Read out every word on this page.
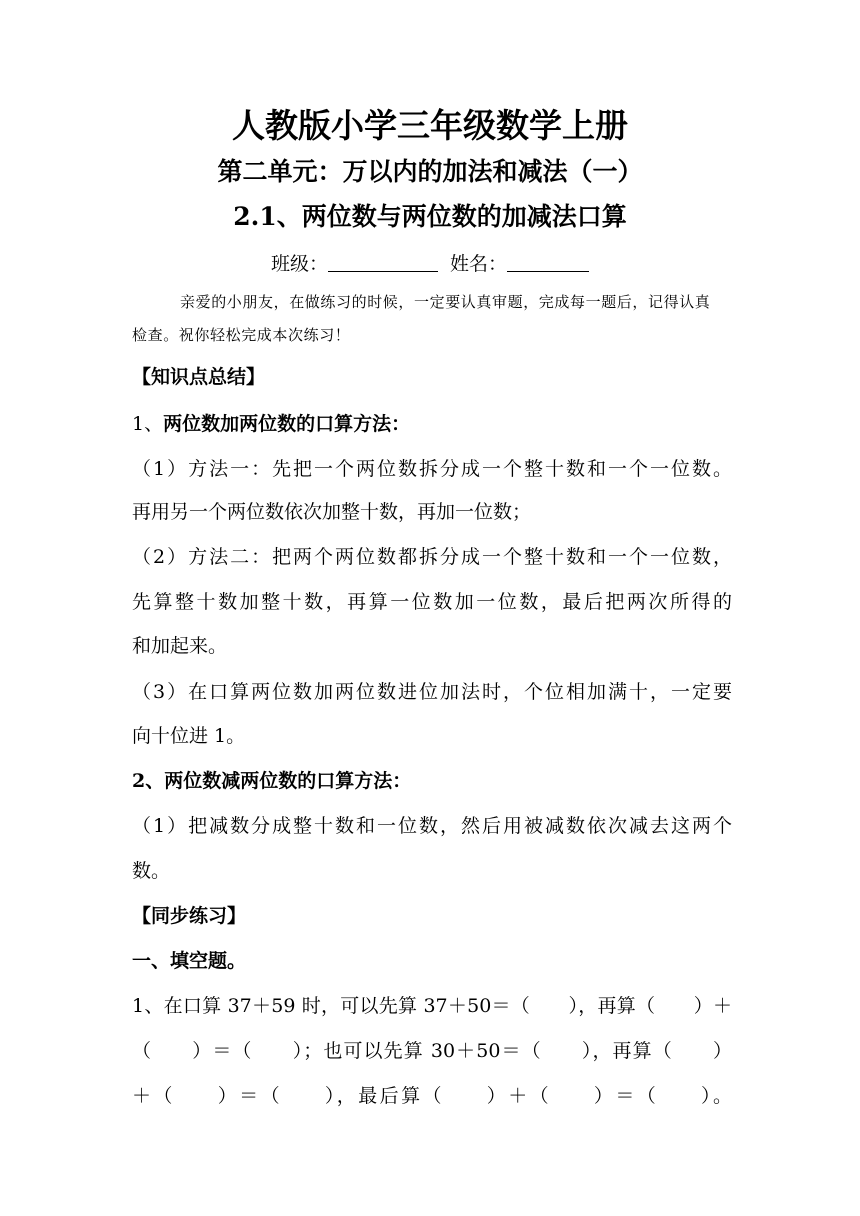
人教版小学三年级数学上册
第二单元：万以内的加法和减法（一）
2.1、两位数与两位数的加减法口算
班级：	姓名：
亲爱的小朋友，在做练习的时候，一定要认真审题，完成每一题后，记得认真
检查。祝你轻松完成本次练习！
【知识点总结】
1、两位数加两位数的口算方法：
（1）方法一：先把一个两位数拆分成一个整十数和一个一位数。
再用另一个两位数依次加整十数，再加一位数；
（2）方法二：把两个两位数都拆分成一个整十数和一个一位数，
先算整十数加整十数，再算一位数加一位数，最后把两次所得的
和加起来。
（3）在口算两位数加两位数进位加法时，个位相加满十，一定要
向十位进 1。
2、两位数减两位数的口算方法：
（1）把减数分成整十数和一位数，然后用被减数依次减去这两个
数。
【同步练习】
一、填空题。
1、在口算 37＋59 时，可以先算 37＋50＝（　　），再算（　　）＋
（　　）＝（　　）；也可以先算 30＋50＝（　　），再算（　　）
＋（　　）＝（　　），最后算（　　）＋（　　）＝（　　）。
